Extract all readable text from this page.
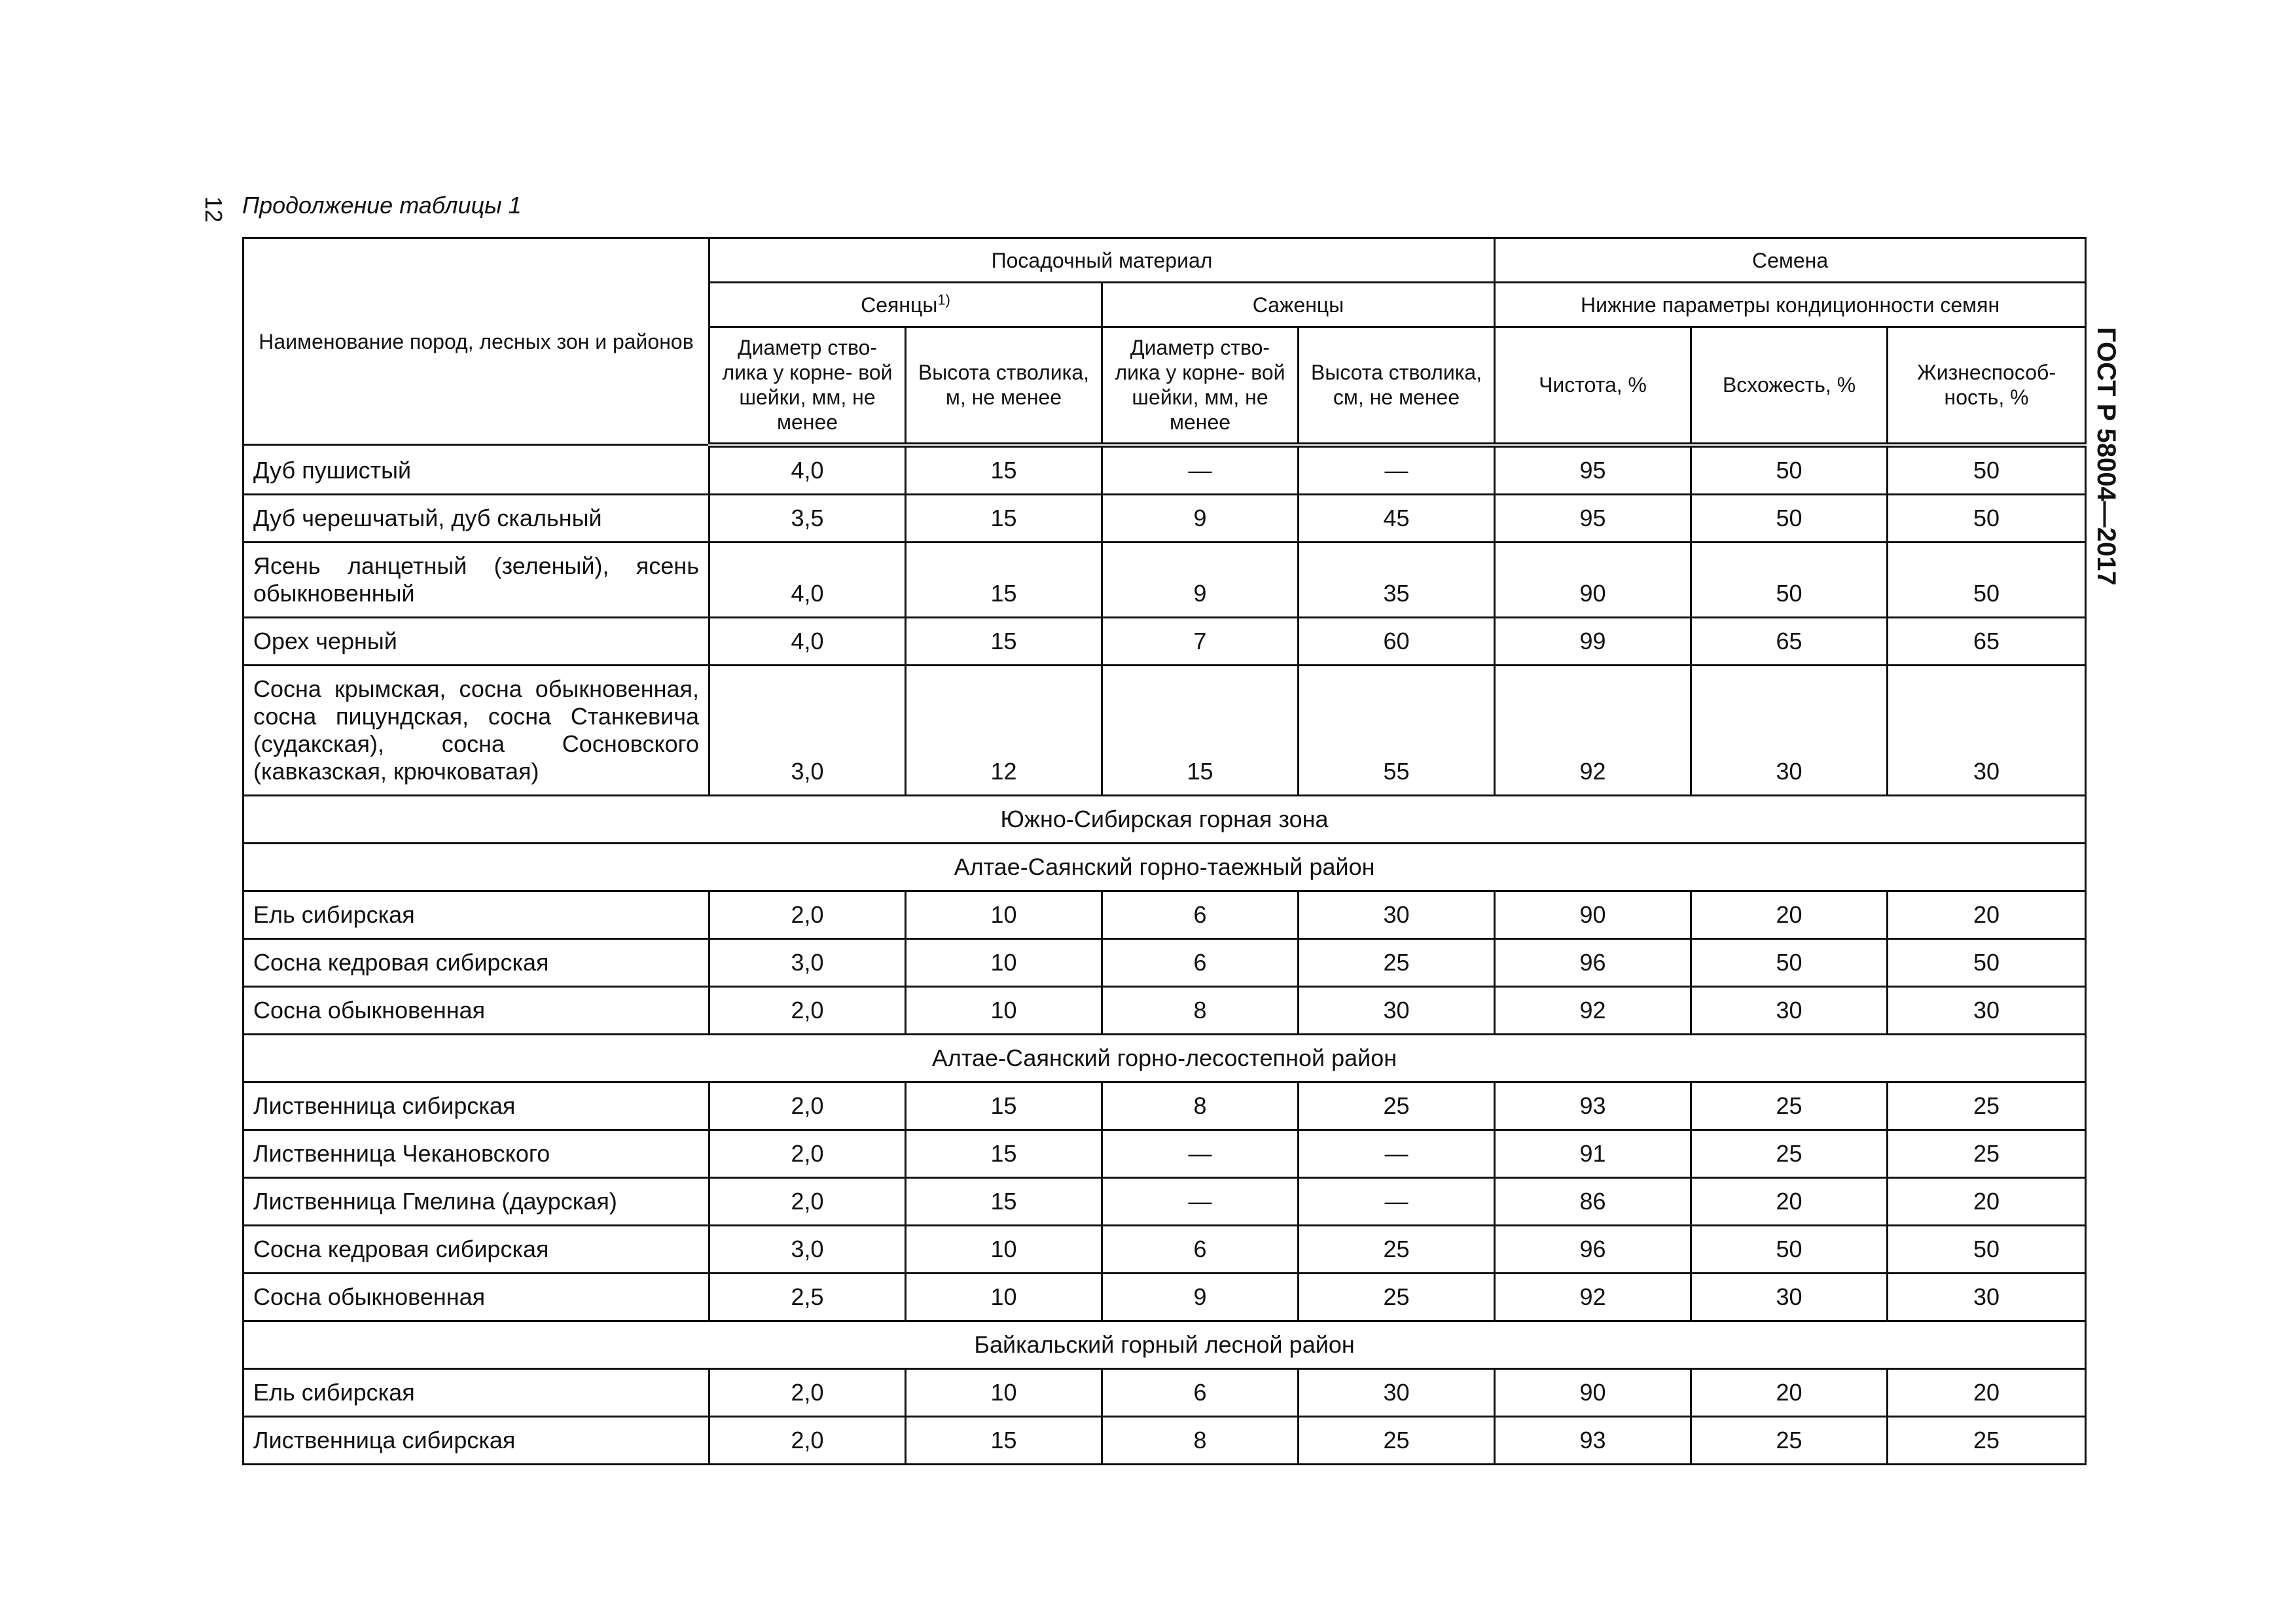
12 Продолжение таблицы 1
ГОСТ Р 58004—2017
Наименование пород, лесных зон и районов	Посадочный материал				Семена		
	Сеянцы$^{1)}$		Саженцы		Нижние параметры кондиционности семян		
	Диаметр ство- лика у корне- вой шейки, мм, не менее	Высота стволика, м, не менее	Диаметр ство- лика у корне- вой шейки, мм, не менее	Высота стволика, см, не менее	Чистота, %	Всхожесть, %	Жизнеспособ- ность, %
Дуб пушистый	4,0	15	—	—	95	50	50
Дуб черешчатый, дуб скальный	3,5	15	9	45	95	50	50
Ясень ланцетный (зеленый), ясень обыкновенный	4,0	15	9	35	90	50	50
Орех черный	4,0	15	7	60	99	65	65
Сосна крымская, сосна обыкновенная, сосна пицундская, сосна Станкевича (судакская), сосна Сосновского (кавказская, крючковатая)	3,0	12	15	55	92	30	30
Южно-Сибирская горная зона							
Алтае-Саянский горно-таежный район							
Ель сибирская	2,0	10	6	30	90	20	20
Сосна кедровая сибирская	3,0	10	6	25	96	50	50
Сосна обыкновенная	2,0	10	8	30	92	30	30
Алтае-Саянский горно-лесостепной район							
Лиственница сибирская	2,0	15	8	25	93	25	25
Лиственница Чекановского	2,0	15	—	—	91	25	25
Лиственница Гмелина (даурская)	2,0	15	—	—	86	20	20
Сосна кедровая сибирская	3,0	10	6	25	96	50	50
Сосна обыкновенная	2,5	10	9	25	92	30	30
Байкальский горный лесной район							
Ель сибирская	2,0	10	6	30	90	20	20
Лиственница сибирская	2,0	15	8	25	93	25	25
